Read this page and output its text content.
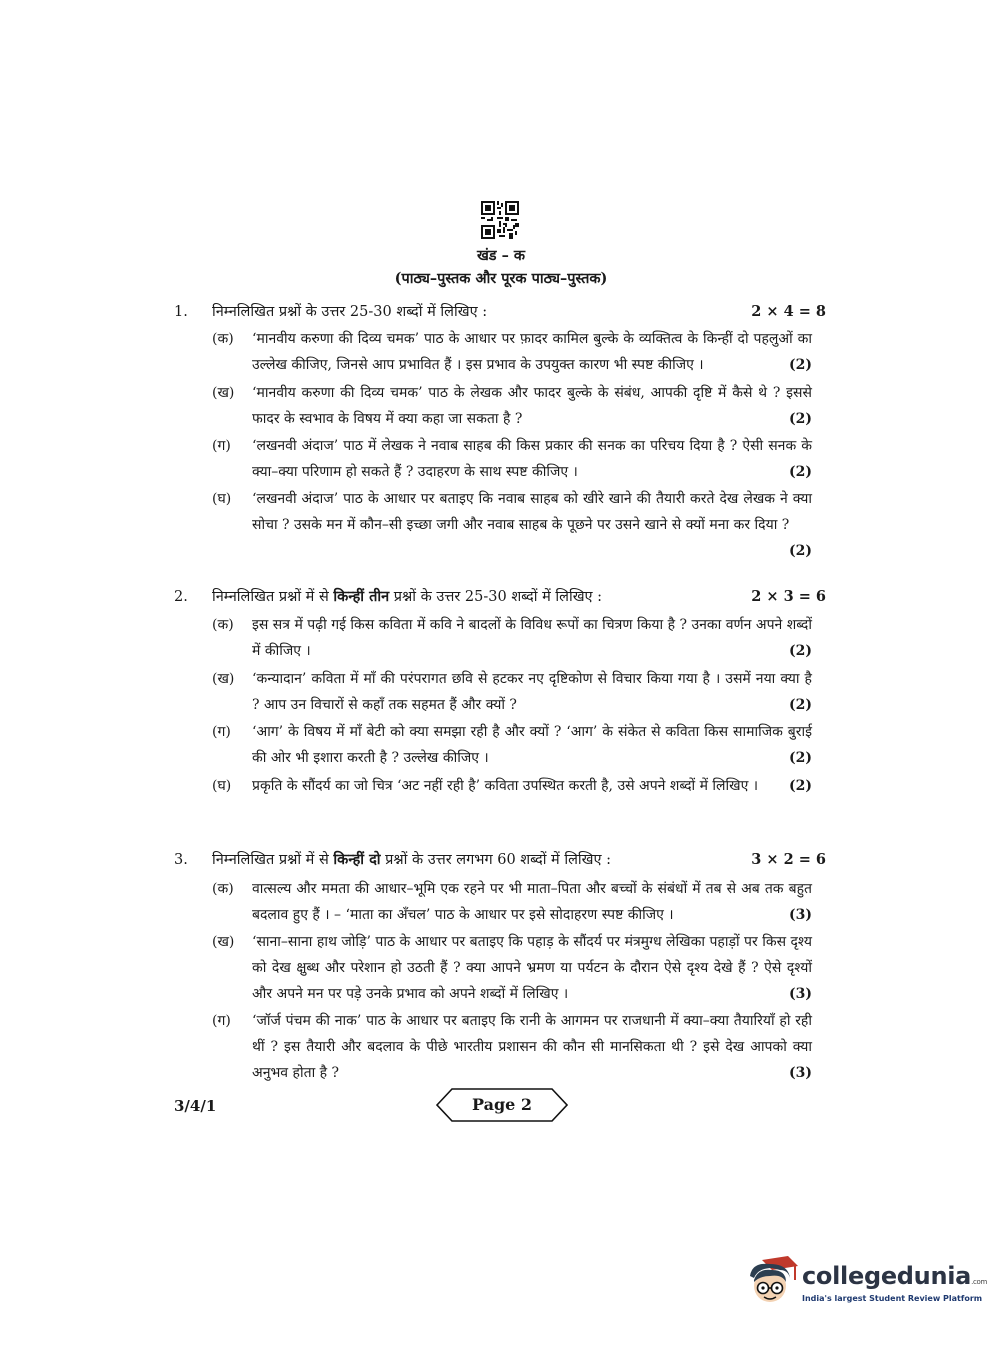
खंड – क
(पाठ्य–पुस्तक और पूरक पाठ्य–पुस्तक)
1. निम्नलिखित प्रश्नों के उत्तर 25-30 शब्दों में लिखिए :	2 × 4 = 8
(क) ‘मानवीय करुणा की दिव्य चमक’ पाठ के आधार पर फ़ादर कामिल बुल्के के व्यक्तित्व के किन्हीं दो पहलुओं का उल्लेख कीजिए, जिनसे आप प्रभावित हैं । इस प्रभाव के उपयुक्त कारण भी स्पष्ट कीजिए ।	(2)
(ख) ‘मानवीय करुणा की दिव्य चमक’ पाठ के लेखक और फादर बुल्के के संबंध, आपकी दृष्टि में कैसे थे ? इससे फादर के स्वभाव के विषय में क्या कहा जा सकता है ?	(2)
(ग) ‘लखनवी अंदाज’ पाठ में लेखक ने नवाब साहब की किस प्रकार की सनक का परिचय दिया है ? ऐसी सनक के क्या–क्या परिणाम हो सकते हैं ? उदाहरण के साथ स्पष्ट कीजिए ।	(2)
(घ) ‘लखनवी अंदाज’ पाठ के आधार पर बताइए कि नवाब साहब को खीरे खाने की तैयारी करते देख लेखक ने क्या सोचा ? उसके मन में कौन–सी इच्छा जगी और नवाब साहब के पूछने पर उसने खाने से क्यों मना कर दिया ?
(2)
2. निम्नलिखित प्रश्नों में से किन्हीं तीन प्रश्नों के उत्तर 25-30 शब्दों में लिखिए :	2 × 3 = 6
(क) इस सत्र में पढ़ी गई किस कविता में कवि ने बादलों के विविध रूपों का चित्रण किया है ? उनका वर्णन अपने शब्दों में कीजिए ।	(2)
(ख) ‘कन्यादान’ कविता में माँ की परंपरागत छवि से हटकर नए दृष्टिकोण से विचार किया गया है । उसमें नया क्या है ? आप उन विचारों से कहाँ तक सहमत हैं और क्यों ?	(2)
(ग) ‘आग’ के विषय में माँ बेटी को क्या समझा रही है और क्यों ? ‘आग’ के संकेत से कविता किस सामाजिक बुराई की ओर भी इशारा करती है ? उल्लेख कीजिए ।	(2)
(घ) प्रकृति के सौंदर्य का जो चित्र ‘अट नहीं रही है’ कविता उपस्थित करती है, उसे अपने शब्दों में लिखिए । (2)
3. निम्नलिखित प्रश्नों में से किन्हीं दो प्रश्नों के उत्तर लगभग 60 शब्दों में लिखिए :	3 × 2 = 6
(क) वात्सल्य और ममता की आधार–भूमि एक रहने पर भी माता–पिता और बच्चों के संबंधों में तब से अब तक बहुत बदलाव हुए हैं । – ‘माता का अँचल’ पाठ के आधार पर इसे सोदाहरण स्पष्ट कीजिए ।	(3)
(ख) ‘साना–साना हाथ जोड़ि’ पाठ के आधार पर बताइए कि पहाड़ के सौंदर्य पर मंत्रमुग्ध लेखिका पहाड़ों पर किस दृश्य को देख क्षुब्ध और परेशान हो उठती हैं ? क्या आपने भ्रमण या पर्यटन के दौरान ऐसे दृश्य देखे हैं ? ऐसे दृश्यों और अपने मन पर पड़े उनके प्रभाव को अपने शब्दों में लिखिए ।	(3)
(ग) ‘जॉर्ज पंचम की नाक’ पाठ के आधार पर बताइए कि रानी के आगमन पर राजधानी में क्या–क्या तैयारियाँ हो रही थीं ? इस तैयारी और बदलाव के पीछे भारतीय प्रशासन की कौन सी मानसिकता थी ? इसे देख आपको क्या अनुभव होता है ?	(3)
3/4/1	Page 2
collegedunia.com
India's largest Student Review Platform
